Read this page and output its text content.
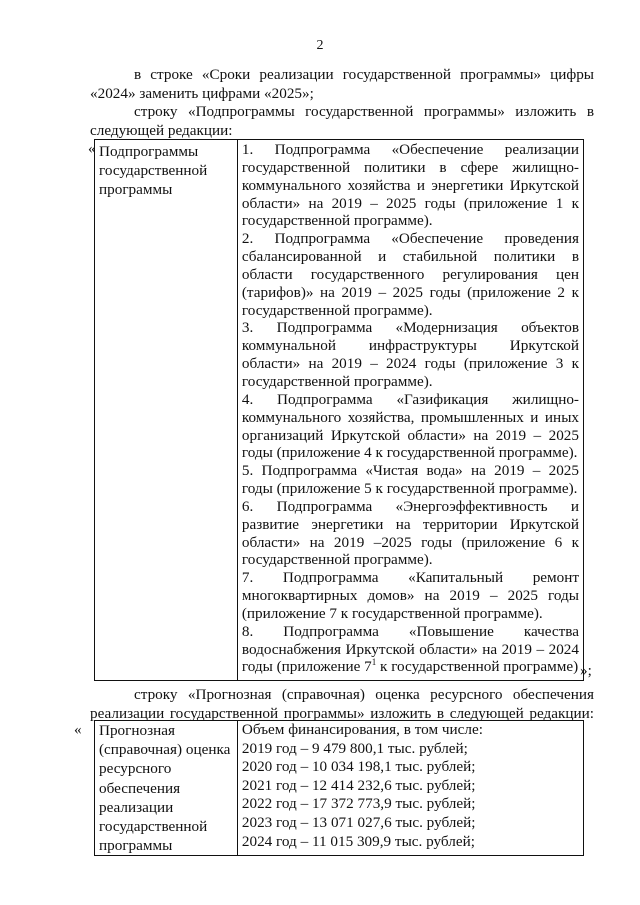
2
в строке «Сроки реализации государственной программы» цифры
«2024» заменить цифрами «2025»;
строку «Подпрограммы государственной программы» изложить в
следующей редакции:
« Подпрограммы государственной программы	
1. Подпрограмма «Обеспечение реализации государственной политики в сфере жилищно-коммунального хозяйства и энергетики Иркутской области» на 2019 – 2025 годы (приложение 1 к государственной программе).
2. Подпрограмма «Обеспечение проведения сбалансированной и стабильной политики в области государственного регулирования цен (тарифов)» на 2019 – 2025 годы (приложение 2 к государственной программе).
3. Подпрограмма «Модернизация объектов коммунальной инфраструктуры Иркутской области» на 2019 – 2024 годы (приложение 3 к государственной программе).
4. Подпрограмма «Газификация жилищно-коммунального хозяйства, промышленных и иных организаций Иркутской области» на 2019 – 2025 годы (приложение 4 к государственной программе).
5. Подпрограмма «Чистая вода» на 2019 – 2025 годы (приложение 5 к государственной программе).
6. Подпрограмма «Энергоэффективность и развитие энергетики на территории Иркутской области» на 2019 –2025 годы (приложение 6 к государственной программе).
7. Подпрограмма «Капитальный ремонт многоквартирных домов» на 2019 – 2025 годы (приложение 7 к государственной программе).
8. Подпрограмма «Повышение качества водоснабжения Иркутской области» на 2019 – 2024 годы (приложение $7^1$ к государственной программе) »;
строку «Прогнозная (справочная) оценка ресурсного обеспечения
реализации государственной программы» изложить в следующей редакции:
« Прогнозная (справочная) оценка ресурсного обеспечения реализации государственной программы	
Объем финансирования, в том числе:
2019 год – 9 479 800,1 тыс. рублей;
2020 год – 10 034 198,1 тыс. рублей;
2021 год – 12 414 232,6 тыс. рублей;
2022 год – 17 372 773,9 тыс. рублей;
2023 год – 13 071 027,6 тыс. рублей;
2024 год – 11 015 309,9 тыс. рублей;
